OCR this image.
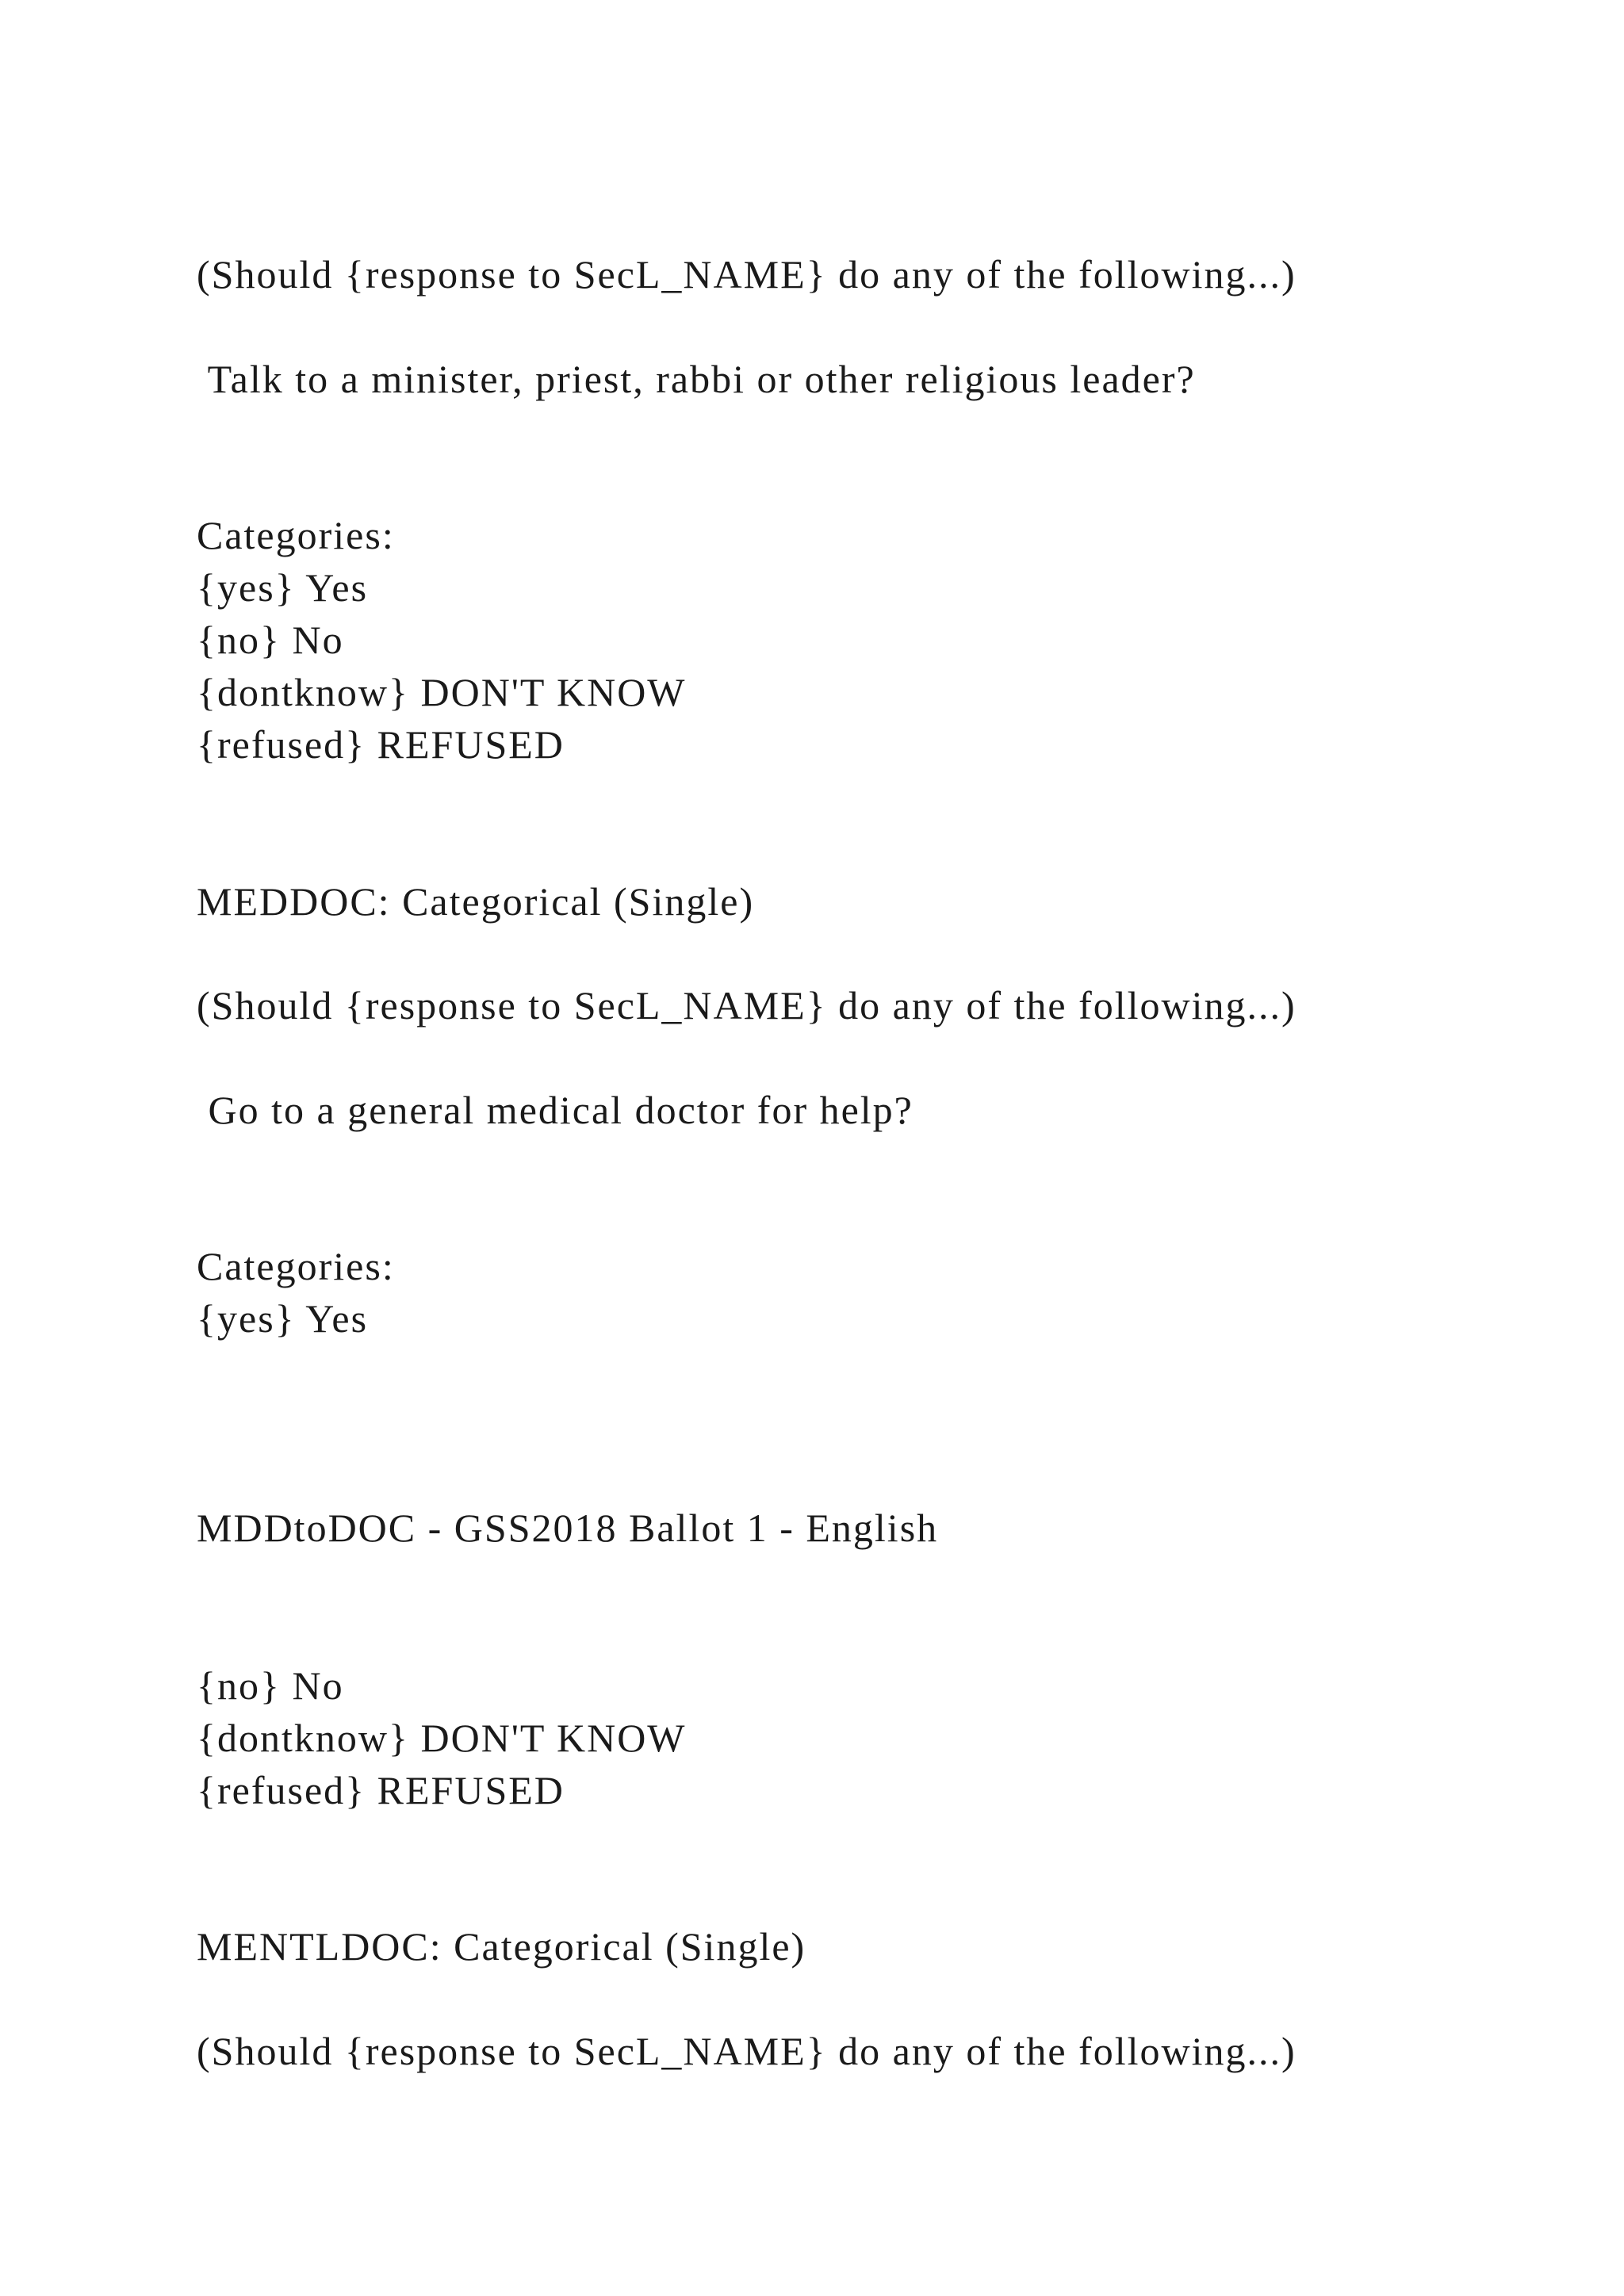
(Should {response to SecL_NAME} do any of the following...)

Talk to a minister, priest, rabbi or other religious leader?

Categories:

{yes} Yes

{no} No

{dontknow} DON'T KNOW

{refused} REFUSED

MEDDOC: Categorical (Single)

(Should {response to SecL_NAME} do any of the following...)

Go to a general medical doctor for help?

Categories:

{yes} Yes

MDDtoDOC - GSS2018 Ballot 1 - English

{no} No

{dontknow} DON'T KNOW

{refused} REFUSED

MENTLDOC: Categorical (Single)

(Should {response to SecL_NAME} do any of the following...)
